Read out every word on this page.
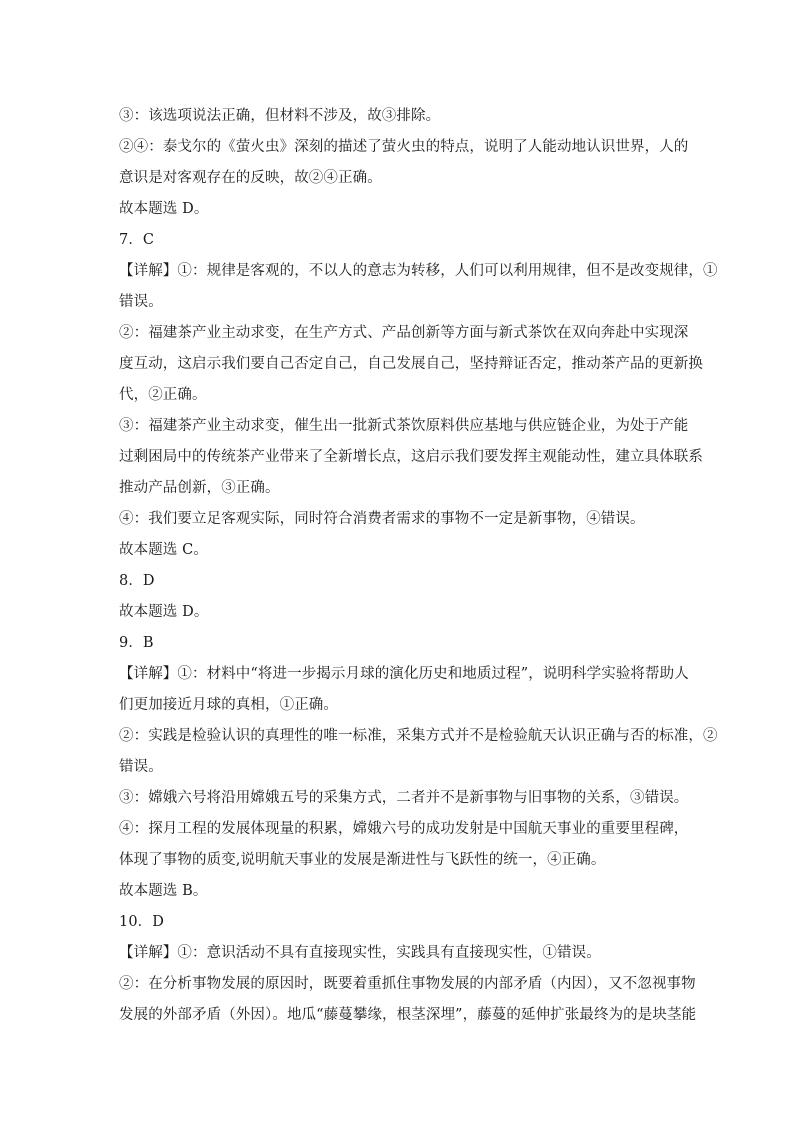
③：该选项说法正确，但材料不涉及，故③排除。
②④：泰戈尔的《萤火虫》深刻的描述了萤火虫的特点，说明了人能动地认识世界，人的
意识是对客观存在的反映，故②④正确。
故本题选 D。
7．C
【详解】①：规律是客观的，不以人的意志为转移，人们可以利用规律，但不是改变规律，①
错误。
②：福建茶产业主动求变，在生产方式、产品创新等方面与新式茶饮在双向奔赴中实现深
度互动，这启示我们要自己否定自己，自己发展自己，坚持辩证否定，推动茶产品的更新换
代，②正确。
③：福建茶产业主动求变，催生出一批新式茶饮原料供应基地与供应链企业，为处于产能
过剩困局中的传统茶产业带来了全新增长点，这启示我们要发挥主观能动性，建立具体联系
推动产品创新，③正确。
④：我们要立足客观实际，同时符合消费者需求的事物不一定是新事物，④错误。
故本题选 C。
8．D
故本题选 D。
9．B
【详解】①：材料中“将进一步揭示月球的演化历史和地质过程”，说明科学实验将帮助人
们更加接近月球的真相，①正确。
②：实践是检验认识的真理性的唯一标准，采集方式并不是检验航天认识正确与否的标准，②
错误。
③：嫦娥六号将沿用嫦娥五号的采集方式，二者并不是新事物与旧事物的关系，③错误。
④：探月工程的发展体现量的积累，嫦娥六号的成功发射是中国航天事业的重要里程碑，
体现了事物的质变,说明航天事业的发展是渐进性与飞跃性的统一，④正确。
故本题选 B。
10．D
【详解】①：意识活动不具有直接现实性，实践具有直接现实性，①错误。
②：在分析事物发展的原因时，既要着重抓住事物发展的内部矛盾（内因），又不忽视事物
发展的外部矛盾（外因）。地瓜“藤蔓攀缘，根茎深埋”，藤蔓的延伸扩张最终为的是块茎能
